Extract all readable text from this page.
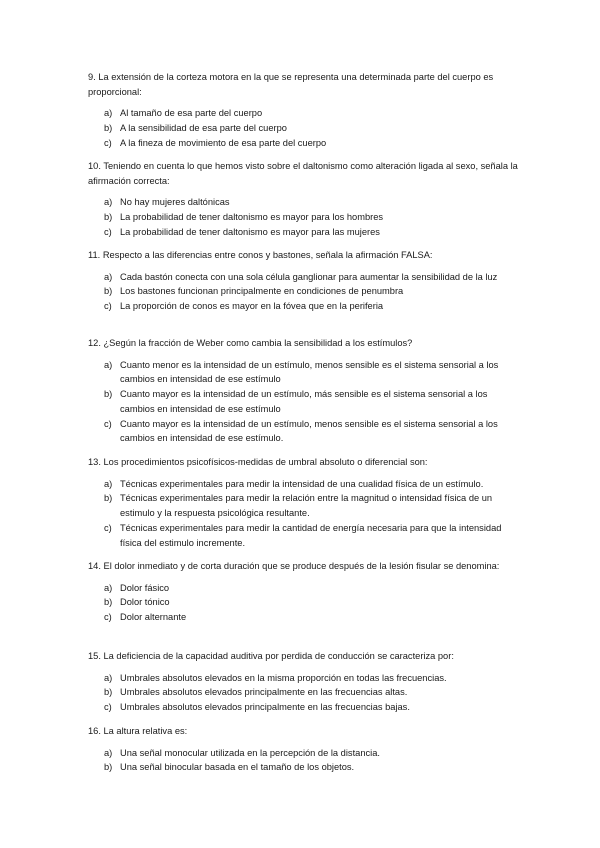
9. La extensión de la corteza motora en la que se representa una determinada parte del cuerpo es proporcional:

a) Al tamaño de esa parte del cuerpo
b) A la sensibilidad de esa parte del cuerpo
c) A la fineza de movimiento de esa parte del cuerpo

10. Teniendo en cuenta lo que hemos visto sobre el daltonismo como alteración ligada al sexo, señala la afirmación correcta:

a) No hay mujeres daltónicas
b) La probabilidad de tener daltonismo es mayor para los hombres
c) La probabilidad de tener daltonismo es mayor para las mujeres

11. Respecto a las diferencias entre conos y bastones, señala la afirmación FALSA:

a) Cada bastón conecta con una sola célula ganglionar para aumentar la sensibilidad de la luz
b) Los bastones funcionan principalmente en condiciones de penumbra
c) La proporción de conos es mayor en la fóvea que en la periferia

12. ¿Según la fracción de Weber como cambia la sensibilidad a los estímulos?

a) Cuanto menor es la intensidad de un estímulo, menos sensible es el sistema sensorial a los cambios en intensidad de ese estímulo
b) Cuanto mayor es la intensidad de un estímulo, más sensible es el sistema sensorial a los cambios en intensidad de ese estímulo
c) Cuanto mayor es la intensidad de un estímulo, menos sensible es el sistema sensorial a los cambios en intensidad de ese estímulo.

13. Los procedimientos psicofísicos-medidas de umbral absoluto o diferencial son:

a) Técnicas experimentales para medir la intensidad de una cualidad física de un estímulo.
b) Técnicas experimentales para medir la relación entre la magnitud o intensidad física de un estimulo y la respuesta psicológica resultante.
c) Técnicas experimentales para medir la cantidad de energía necesaria para que la intensidad física del estimulo incremente.

14. El dolor inmediato y de corta duración que se produce después de la lesión fisular se denomina:

a) Dolor fásico
b) Dolor tónico
c) Dolor alternante

15. La deficiencia de la capacidad auditiva por perdida de conducción se caracteriza por:

a) Umbrales absolutos elevados en la misma proporción en todas las frecuencias.
b) Umbrales absolutos elevados principalmente en las frecuencias altas.
c) Umbrales absolutos elevados principalmente en las frecuencias bajas.

16. La altura relativa es:

a) Una señal monocular utilizada en la percepción de la distancia.
b) Una señal binocular basada en el tamaño de los objetos.
